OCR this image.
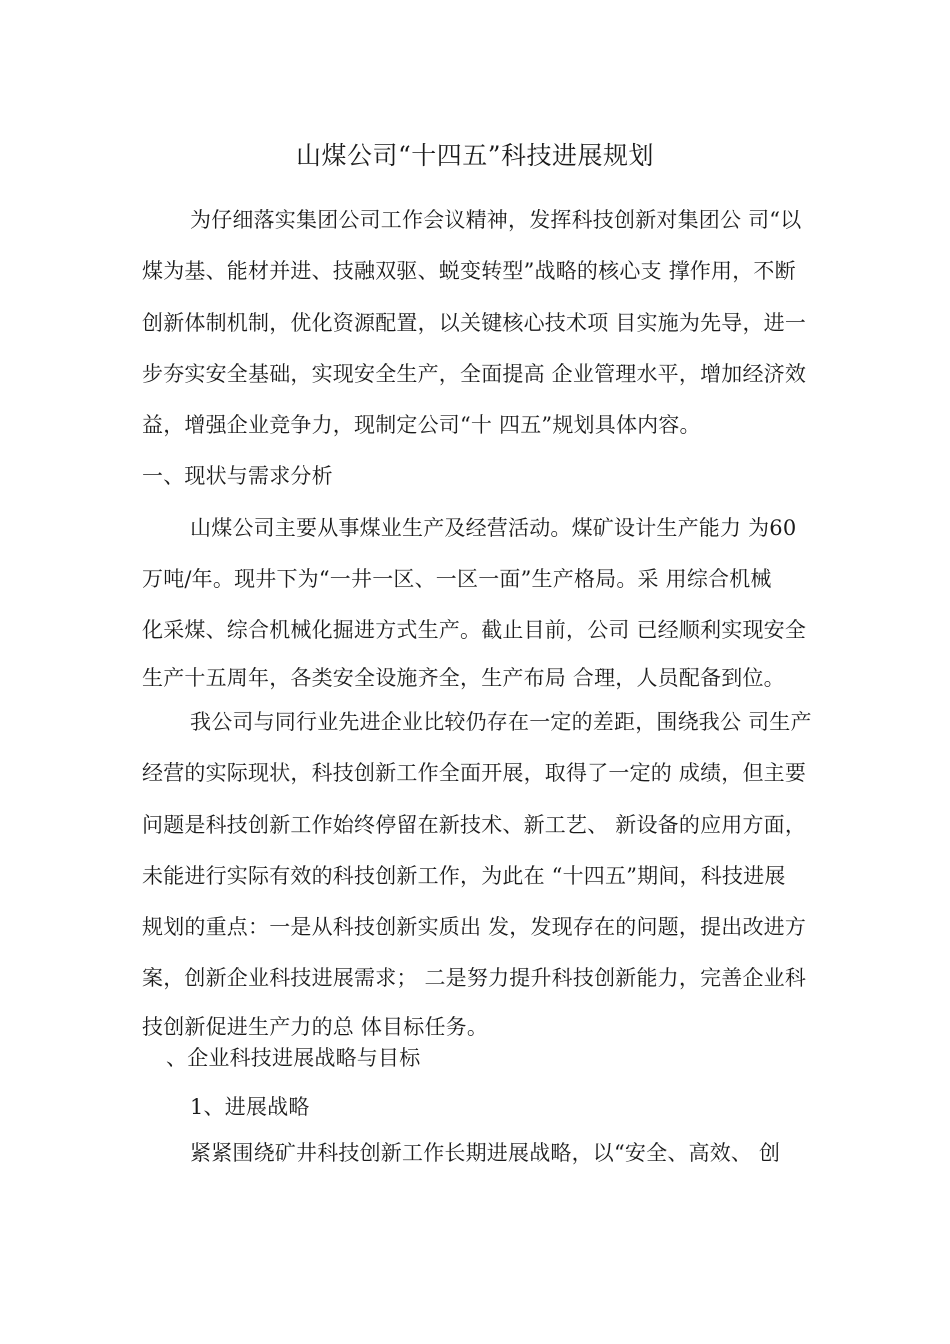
山煤公司“十四五”科技进展规划
为仔细落实集团公司工作会议精神，发挥科技创新对集团公 司“以
煤为基、能材并进、技融双驱、蜕变转型”战略的核心支 撑作用，不断
创新体制机制，优化资源配置，以关键核心技术项 目实施为先导，进一
步夯实安全基础，实现安全生产，全面提高 企业管理水平，增加经济效
益，增强企业竞争力，现制定公司“十 四五”规划具体内容。
一、现状与需求分析
山煤公司主要从事煤业生产及经营活动。煤矿设计生产能力 为60
万吨/年。现井下为“一井一区、一区一面”生产格局。采 用综合机械
化采煤、综合机械化掘进方式生产。截止目前，公司 已经顺利实现安全
生产十五周年，各类安全设施齐全，生产布局 合理，人员配备到位。
我公司与同行业先进企业比较仍存在一定的差距，围绕我公 司生产
经营的实际现状，科技创新工作全面开展，取得了一定的 成绩，但主要
问题是科技创新工作始终停留在新技术、新工艺、 新设备的应用方面，
未能进行实际有效的科技创新工作，为此在 “十四五”期间，科技进展
规划的重点：一是从科技创新实质出 发，发现存在的问题，提出改进方
案，创新企业科技进展需求； 二是努力提升科技创新能力，完善企业科
技创新促进生产力的总 体目标任务。
、企业科技进展战略与目标
1、进展战略
紧紧围绕矿井科技创新工作长期进展战略，以“安全、高效、 创
